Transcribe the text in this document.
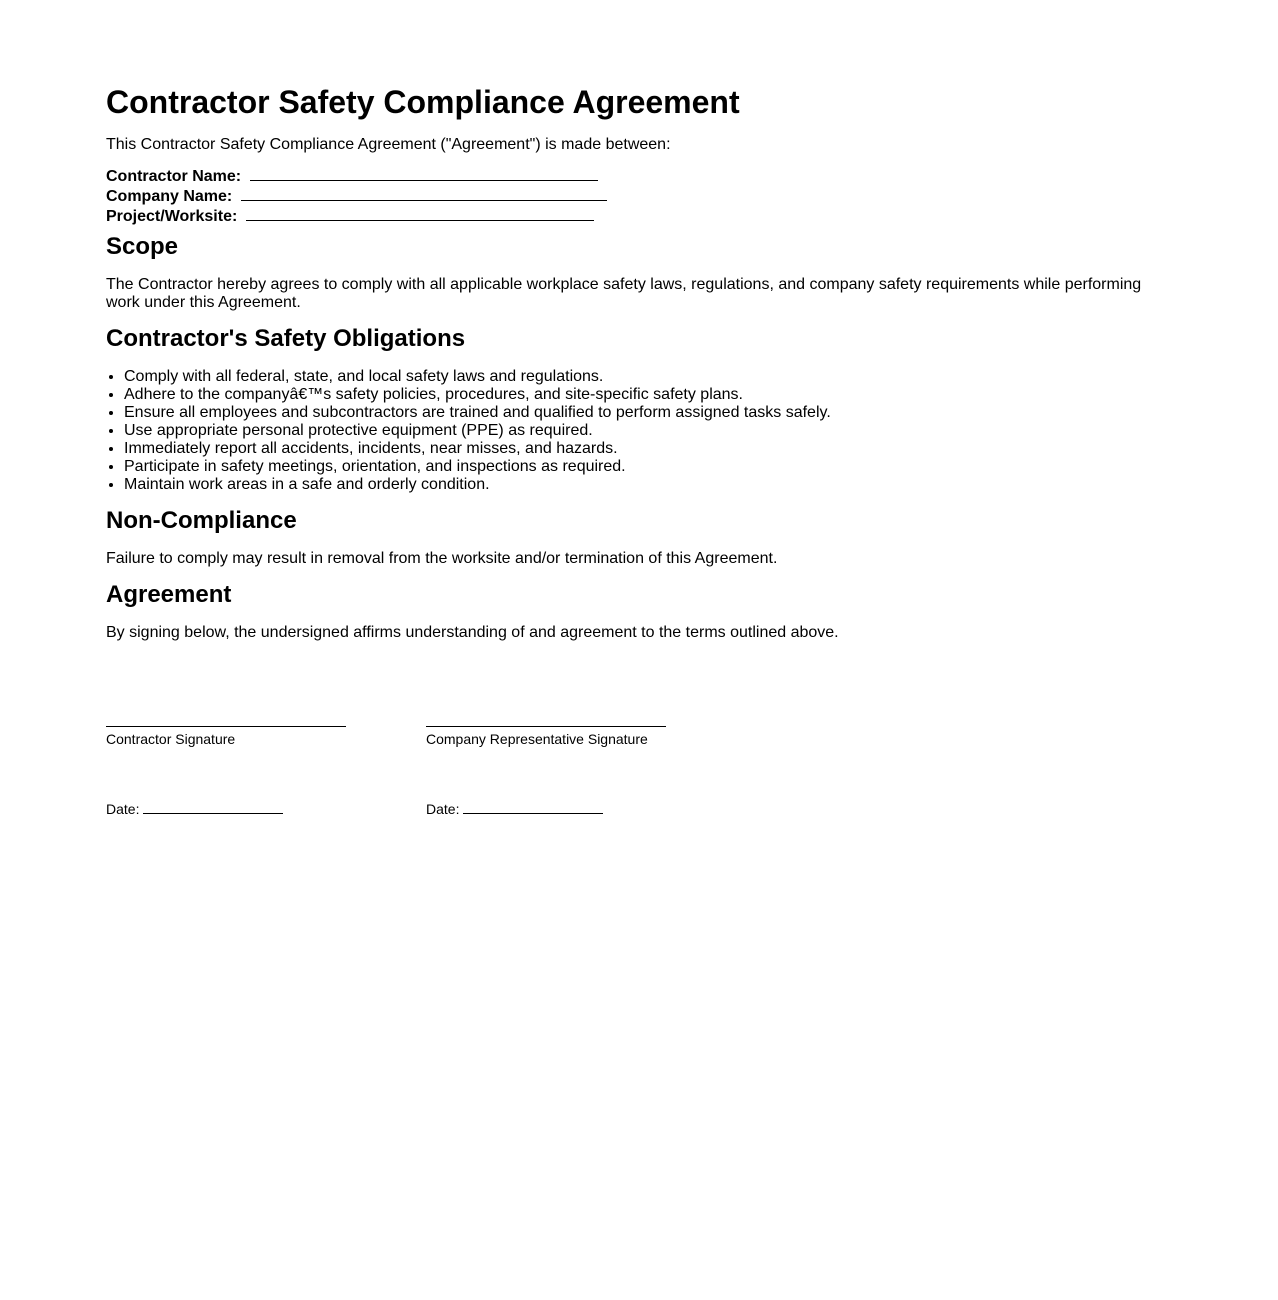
Contractor Safety Compliance Agreement

This Contractor Safety Compliance Agreement ("Agreement") is made between:

Contractor Name:
Company Name:
Project/Worksite:
Scope

The Contractor hereby agrees to comply with all applicable workplace safety laws, regulations, and company safety requirements while performing work under this Agreement.

Contractor's Safety Obligations
• Comply with all federal, state, and local safety laws and regulations.
• Adhere to the companyâ€™s safety policies, procedures, and site-specific safety plans.
• Ensure all employees and subcontractors are trained and qualified to perform assigned tasks safely.
• Use appropriate personal protective equipment (PPE) as required.
• Immediately report all accidents, incidents, near misses, and hazards.
• Participate in safety meetings, orientation, and inspections as required.
• Maintain work areas in a safe and orderly condition.
Non-Compliance

Failure to comply may result in removal from the worksite and/or termination of this Agreement.

Agreement

By signing below, the undersigned affirms understanding of and agreement to the terms outlined above.

Contractor Signature	Company Representative Signature
Date:	Date:
